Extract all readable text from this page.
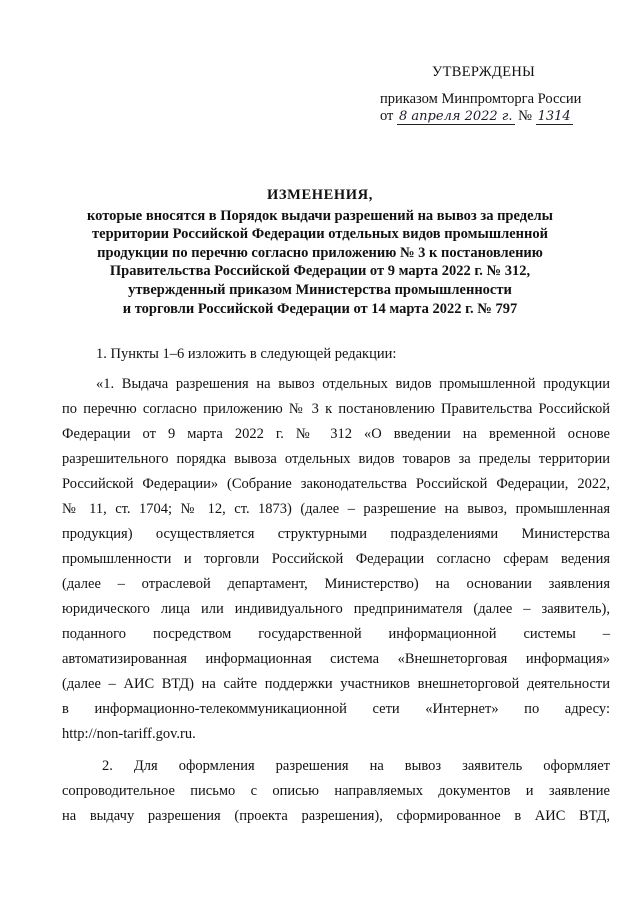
УТВЕРЖДЕНЫ
приказом Минпромторга России
от 8 апреля 2022 г. № 1314
ИЗМЕНЕНИЯ,
которые вносятся в Порядок выдачи разрешений на вывоз за пределы
территории Российской Федерации отдельных видов промышленной
продукции по перечню согласно приложению № 3 к постановлению
Правительства Российской Федерации от 9 марта 2022 г. № 312,
утвержденный приказом Министерства промышленности
и торговли Российской Федерации от 14 марта 2022 г. № 797
1. Пункты 1–6 изложить в следующей редакции:
«1. Выдача разрешения на вывоз отдельных видов промышленной продукции
по перечню согласно приложению № 3 к постановлению Правительства Российской
Федерации от 9 марта 2022 г. № 312 «О введении на временной основе
разрешительного порядка вывоза отдельных видов товаров за пределы территории
Российской Федерации» (Собрание законодательства Российской Федерации, 2022,
№ 11, ст. 1704; № 12, ст. 1873) (далее – разрешение на вывоз, промышленная
продукция) осуществляется структурными подразделениями Министерства
промышленности и торговли Российской Федерации согласно сферам ведения
(далее – отраслевой департамент, Министерство) на основании заявления
юридического лица или индивидуального предпринимателя (далее – заявитель),
поданного посредством государственной информационной системы –
автоматизированная информационная система «Внешнеторговая информация»
(далее – АИС ВТД) на сайте поддержки участников внешнеторговой деятельности
в информационно-телекоммуникационной сети «Интернет» по адресу:
http://non-tariff.gov.ru.
2. Для оформления разрешения на вывоз заявитель оформляет
сопроводительное письмо с описью направляемых документов и заявление
на выдачу разрешения (проекта разрешения), сформированное в АИС ВТД,
